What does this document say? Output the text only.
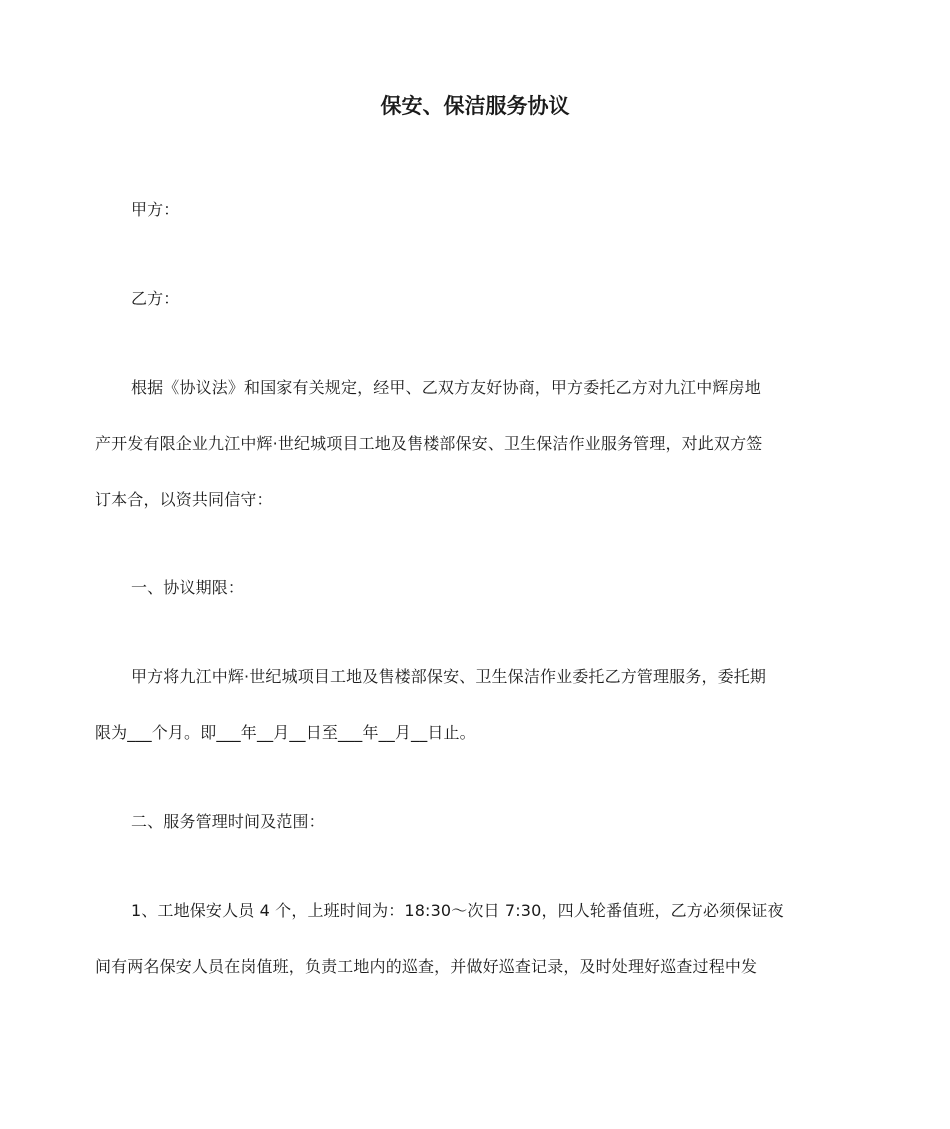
保安、保洁服务协议

甲方：

乙方：

根据《协议法》和国家有关规定，经甲、乙双方友好协商，甲方委托乙方对九江中辉房地
产开发有限企业九江中辉·世纪城项目工地及售楼部保安、卫生保洁作业服务管理，对此双方签
订本合，以资共同信守：

一、协议期限：

甲方将九江中辉·世纪城项目工地及售楼部保安、卫生保洁作业委托乙方管理服务，委托期
限为___个月。即___年__月__日至___年__月__日止。

二、服务管理时间及范围：

1、工地保安人员 4 个，上班时间为：18:30～次日 7:30，四人轮番值班，乙方必须保证夜
间有两名保安人员在岗值班，负责工地内的巡查，并做好巡查记录，及时处理好巡查过程中发
